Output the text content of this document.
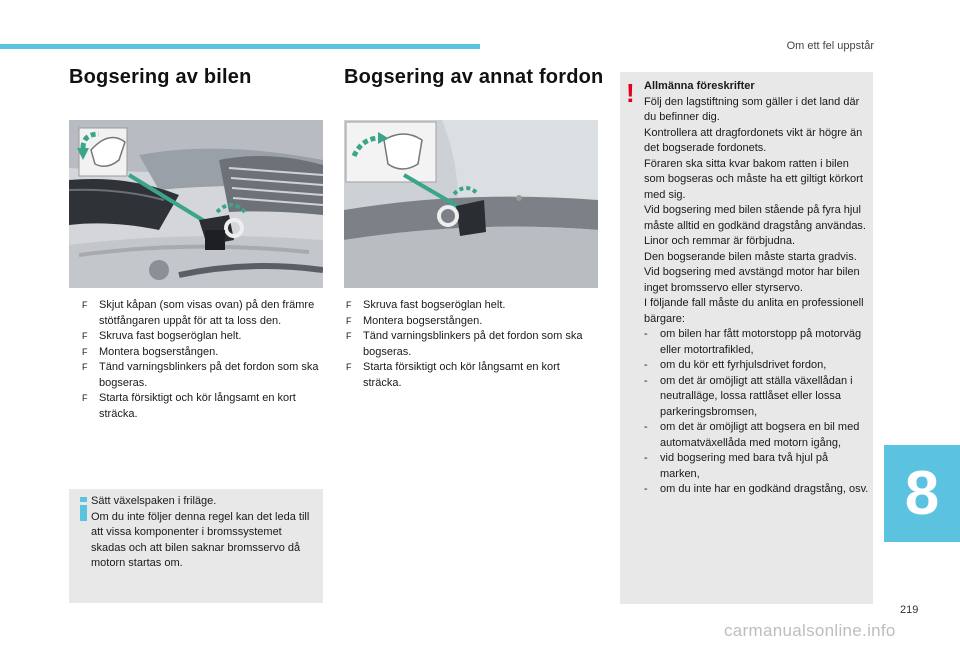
Om ett fel uppstår
Bogsering av bilen
F Skjut kåpan (som visas ovan) på den främre stötfångaren uppåt för att ta loss den.
F Skruva fast bogseröglan helt.
F Montera bogserstången.
F Tänd varningsblinkers på det fordon som ska bogseras.
F Starta försiktigt och kör långsamt en kort sträcka.
Sätt växelspaken i friläge.
Om du inte följer denna regel kan det leda till att vissa komponenter i bromssystemet skadas och att bilen saknar bromsservo då motorn startas om.
Bogsering av annat fordon
F Skruva fast bogseröglan helt.
F Montera bogserstången.
F Tänd varningsblinkers på det fordon som ska bogseras.
F Starta försiktigt och kör långsamt en kort sträcka.
! Allmänna föreskrifter

Följ den lagstiftning som gäller i det land där du befinner dig.

Kontrollera att dragfordonets vikt är högre än det bogserade fordonets.

Föraren ska sitta kvar bakom ratten i bilen som bogseras och måste ha ett giltigt körkort med sig.

Vid bogsering med bilen stående på fyra hjul måste alltid en godkänd dragstång användas. Linor och remmar är förbjudna.

Den bogserande bilen måste starta gradvis.

Vid bogsering med avstängd motor har bilen inget bromsservo eller styrservo.

I följande fall måste du anlita en professionell bärgare:

- om bilen har fått motorstopp på motorväg eller motortrafikled,
- om du kör ett fyrhjulsdrivet fordon,
- om det är omöjligt att ställa växellådan i neutralläge, lossa rattlåset eller lossa parkeringsbromsen,
- om det är omöjligt att bogsera en bil med automatväxellåda med motorn igång,
- vid bogsering med bara två hjul på marken,
- om du inte har en godkänd dragstång, osv. 8
219
carmanualsonline.info
